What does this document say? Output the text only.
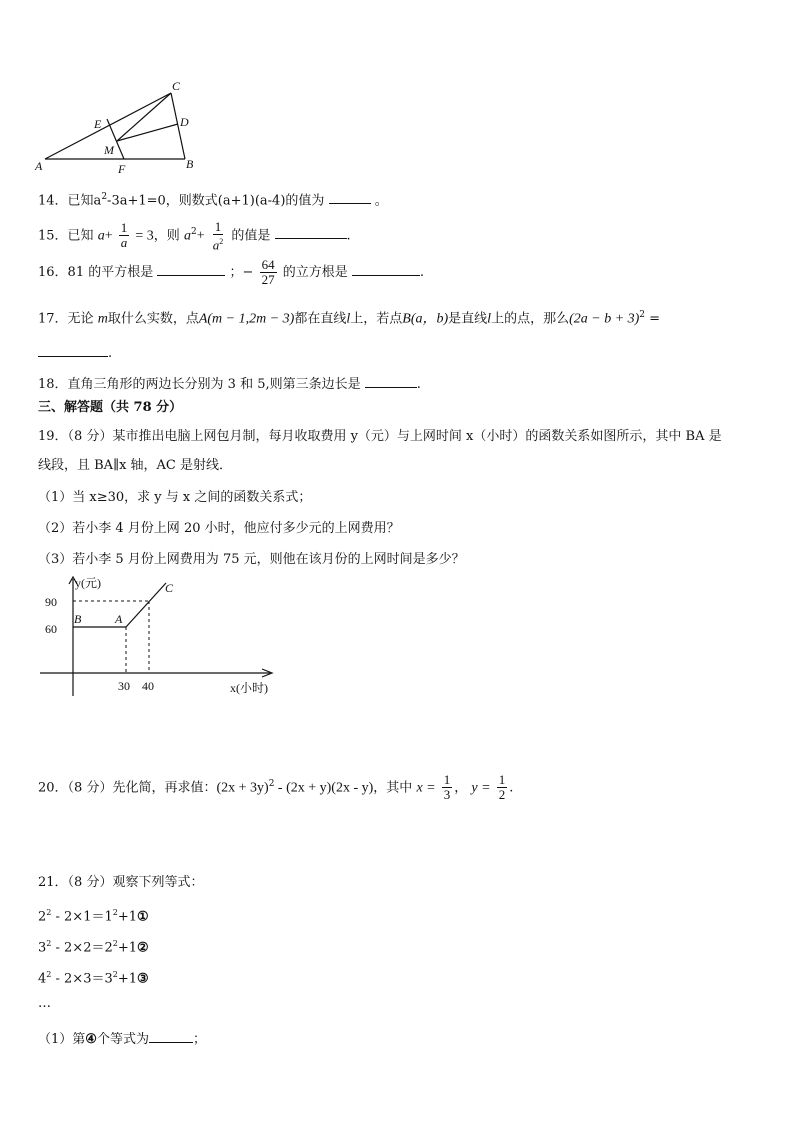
A	B
C
D
E
F
M
14．已知$a^2-3a+1=0$，则数式(a+1)(a-4)的值为	。
15．已知 $a+ \frac{1}{a} = 3$，则 $a^2+ \frac{1}{a^2}$ 的值是	.
16．81 的平方根是	；− $\frac{64}{27}$ 的立方根是	.
17．无论 m取什么实数，点A(m − 1,2m − 3)都在直线l上，若点B(a，b)是直线l上的点，那么$(2a - b + 3)^2$ =
.
18．直角三角形的两边长分别为 3 和 5,则第三条边长是	.
三、解答题（共 78 分）
19．（8 分）某市推出电脑上网包月制，每月收取费用 y（元）与上网时间 x（小时）的函数关系如图所示，其中 BA 是
线段，且 BA∥x 轴，AC 是射线．
（1）当 x≥30，求 y 与 x 之间的函数关系式；
（2）若小李 4 月份上网 20 小时，他应付多少元的上网费用？
（3）若小李 5 月份上网费用为 75 元，则他在该月份的上网时间是多少？
y(元)
x(小时)
90
60
30 40
B	A
C
20．（8 分）先化简，再求值：$(2x + 3y)^2 - (2x + y)(2x - y)$，其中 $x = \frac{1}{3}$ ， $y = \frac{1}{2}$ .
21．（8 分）观察下列等式：
$2^2$ - $2\times 1=1^2+1①$
$3^2$ - $2\times 2=2^2+1②$
$4^2$ - $2\times 3=3^2+1③$
…
（1）第④个等式为	；
